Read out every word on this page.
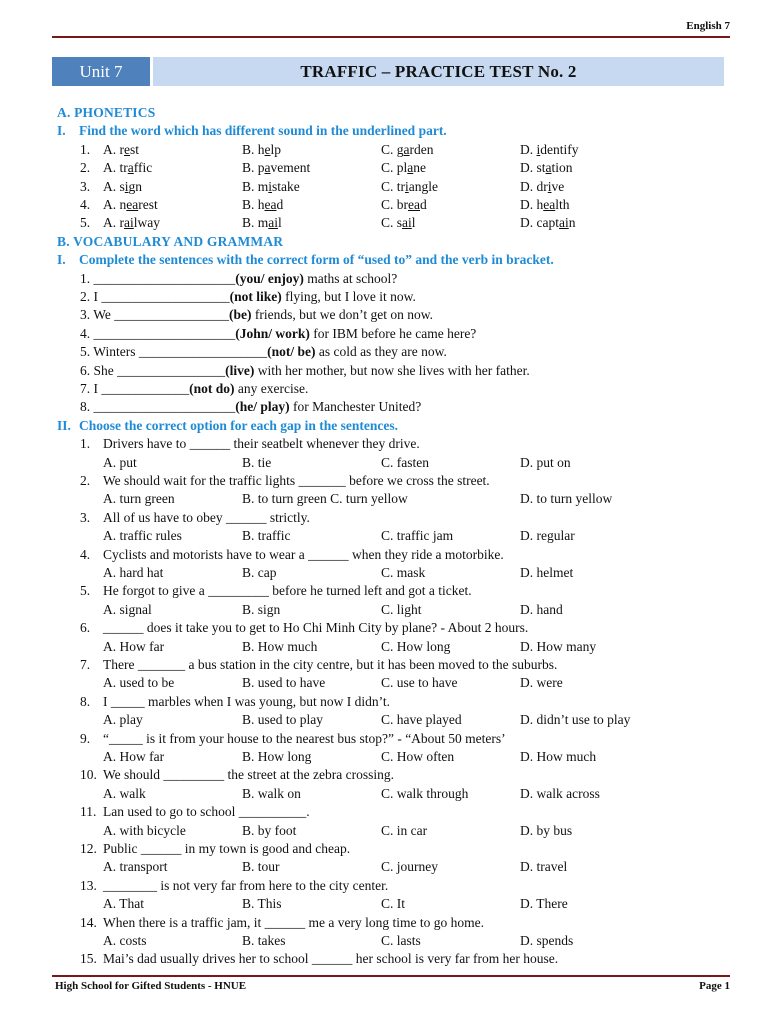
English 7
Unit 7	TRAFFIC – PRACTICE TEST No. 2
A. PHONETICS
I. Find the word which has different sound in the underlined part.
1. A. rest	B. help	C. garden	D. identify
2. A. traffic	B. pavement	C. plane	D. station
3. A. sign	B. mistake	C. triangle	D. drive
4. A. nearest	B. head	C. bread	D. health
5. A. railway	B. mail	C. sail	D. captain
B. VOCABULARY AND GRAMMAR
I. Complete the sentences with the correct form of “used to” and the verb in bracket.
1. _____________________(you/ enjoy) maths at school?
2. I ___________________(not like) flying, but I love it now.
3. We _________________(be) friends, but we don’t get on now.
4. _____________________(John/ work) for IBM before he came here?
5. Winters ___________________(not/ be) as cold as they are now.
6. She ________________(live) with her mother, but now she lives with her father.
7. I _____________(not do) any exercise.
8. _____________________(he/ play) for Manchester United?
II. Choose the correct option for each gap in the sentences.
1. Drivers have to ______ their seatbelt whenever they drive.
A. put	B. tie	C. fasten	D. put on
2. We should wait for the traffic lights _______ before we cross the street.
A. turn green	B. to turn green C. turn yellow	D. to turn yellow
3. All of us have to obey ______ strictly.
A. traffic rules	B. traffic	C. traffic jam	D. regular
4. Cyclists and motorists have to wear a ______ when they ride a motorbike.
A. hard hat	B. cap	C. mask	D. helmet
5. He forgot to give a _________ before he turned left and got a ticket.
A. signal	B. sign	C. light	D. hand
6. ______ does it take you to get to Ho Chi Minh City by plane? - About 2 hours.
A. How far	B. How much	C. How long	D. How many
7. There _______ a bus station in the city centre, but it has been moved to the suburbs.
A. used to be	B. used to have	C. use to have	D. were
8. I _____ marbles when I was young, but now I didn’t.
A. play	B. used to play	C. have played	D. didn’t use to play
9. “_____ is it from your house to the nearest bus stop?” - “About 50 meters’
A. How far	B. How long	C. How often	D. How much
10. We should _________ the street at the zebra crossing.
A. walk	B. walk on	C. walk through	D. walk across
11. Lan used to go to school __________.
A. with bicycle	B. by foot	C. in car	D. by bus
12. Public ______ in my town is good and cheap.
A. transport	B. tour	C. journey	D. travel
13. ________ is not very far from here to the city center.
A. That	B. This	C. It	D. There
14. When there is a traffic jam, it ______ me a very long time to go home.
A. costs	B. takes	C. lasts	D. spends
15. Mai’s dad usually drives her to school ______ her school is very far from her house.
High School for Gifted Students - HNUE	Page 1
